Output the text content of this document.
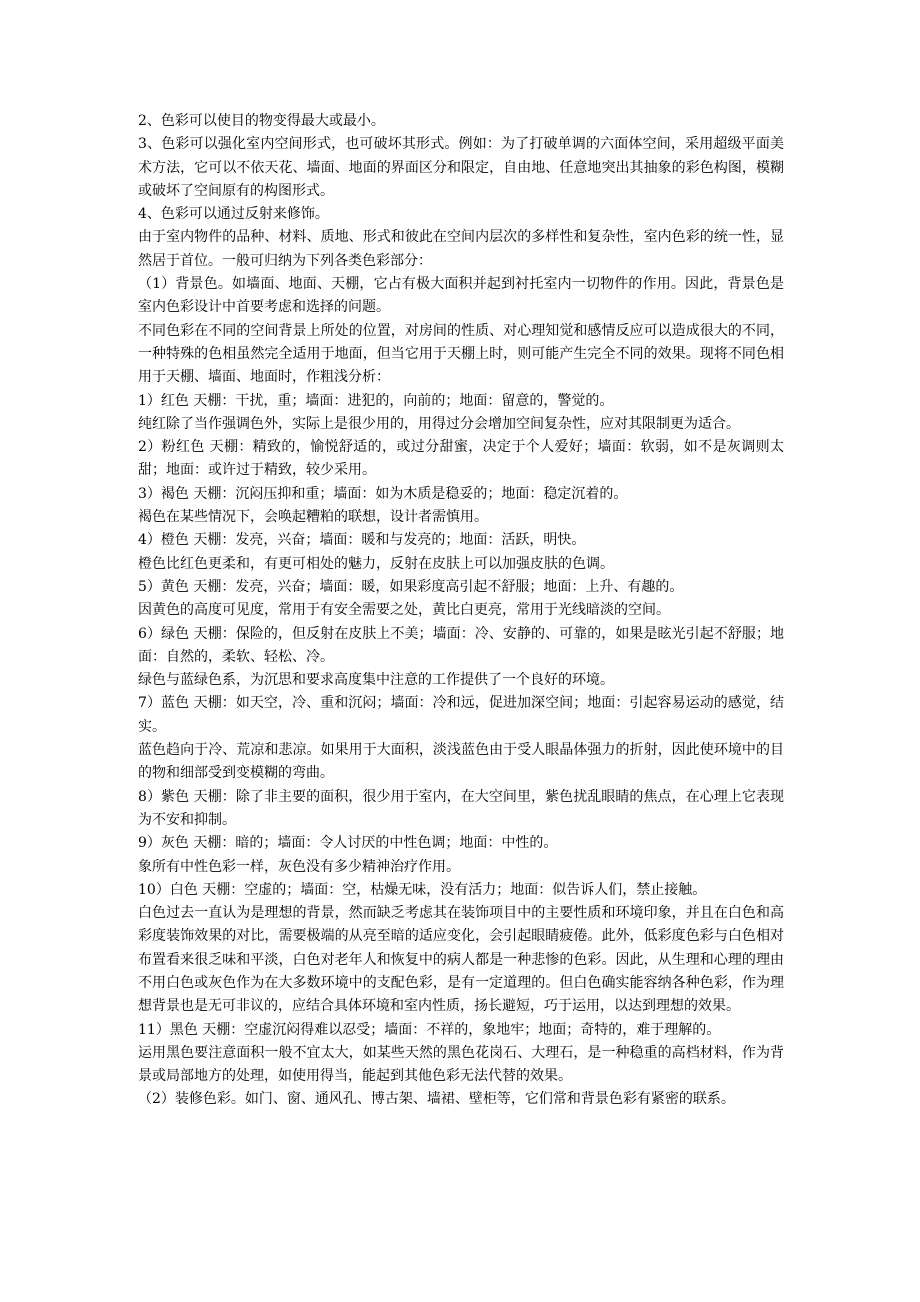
2、色彩可以使目的物变得最大或最小。

3、色彩可以强化室内空间形式，也可破坏其形式。例如：为了打破单调的六面体空间，采用超级平面美术方法，它可以不依天花、墙面、地面的界面区分和限定，自由地、任意地突出其抽象的彩色构图，模糊或破坏了空间原有的构图形式。

4、色彩可以通过反射来修饰。

由于室内物件的品种、材料、质地、形式和彼此在空间内层次的多样性和复杂性，室内色彩的统一性，显然居于首位。一般可归纳为下列各类色彩部分：

（1）背景色。如墙面、地面、天棚，它占有极大面积并起到衬托室内一切物件的作用。因此，背景色是室内色彩设计中首要考虑和选择的问题。

不同色彩在不同的空间背景上所处的位置，对房间的性质、对心理知觉和感情反应可以造成很大的不同，一种特殊的色相虽然完全适用于地面，但当它用于天棚上时，则可能产生完全不同的效果。现将不同色相用于天棚、墙面、地面时，作粗浅分析：

1）红色 天棚：干扰，重；墙面：进犯的，向前的；地面：留意的，警觉的。

纯红除了当作强调色外，实际上是很少用的，用得过分会增加空间复杂性，应对其限制更为适合。

2）粉红色 天棚：精致的，愉悦舒适的，或过分甜蜜，决定于个人爱好；墙面：软弱，如不是灰调则太甜；地面：或许过于精致，较少采用。

3）褐色 天棚：沉闷压抑和重；墙面：如为木质是稳妥的；地面：稳定沉着的。

褐色在某些情况下，会唤起糟粕的联想，设计者需慎用。

4）橙色 天棚：发亮，兴奋；墙面：暖和与发亮的；地面：活跃，明快。

橙色比红色更柔和，有更可相处的魅力，反射在皮肤上可以加强皮肤的色调。

5）黄色 天棚：发亮，兴奋；墙面：暖，如果彩度高引起不舒服；地面：上升、有趣的。

因黄色的高度可见度，常用于有安全需要之处，黄比白更亮，常用于光线暗淡的空间。

6）绿色 天棚：保险的，但反射在皮肤上不美；墙面：冷、安静的、可靠的，如果是眩光引起不舒服；地面：自然的，柔软、轻松、冷。

绿色与蓝绿色系，为沉思和要求高度集中注意的工作提供了一个良好的环境。

7）蓝色 天棚：如天空，冷、重和沉闷；墙面：冷和远，促进加深空间；地面：引起容易运动的感觉，结实。

蓝色趋向于冷、荒凉和悲凉。如果用于大面积，淡浅蓝色由于受人眼晶体强力的折射，因此使环境中的目的物和细部受到变模糊的弯曲。

8）紫色 天棚：除了非主要的面积，很少用于室内，在大空间里，紫色扰乱眼睛的焦点，在心理上它表现为不安和抑制。

9）灰色 天棚：暗的；墙面：令人讨厌的中性色调；地面：中性的。

象所有中性色彩一样，灰色没有多少精神治疗作用。

10）白色 天棚：空虚的；墙面：空，枯燥无味，没有活力；地面：似告诉人们，禁止接触。

白色过去一直认为是理想的背景，然而缺乏考虑其在装饰项目中的主要性质和环境印象，并且在白色和高彩度装饰效果的对比，需要极端的从亮至暗的适应变化，会引起眼睛疲倦。此外，低彩度色彩与白色相对布置看来很乏味和平淡，白色对老年人和恢复中的病人都是一种悲惨的色彩。因此，从生理和心理的理由不用白色或灰色作为在大多数环境中的支配色彩，是有一定道理的。但白色确实能容纳各种色彩，作为理想背景也是无可非议的，应结合具体环境和室内性质，扬长避短，巧于运用，以达到理想的效果。

11）黑色 天棚：空虚沉闷得难以忍受；墙面：不祥的，象地牢；地面；奇特的，难于理解的。

运用黑色要注意面积一般不宜太大，如某些天然的黑色花岗石、大理石，是一种稳重的高档材料，作为背景或局部地方的处理，如使用得当，能起到其他色彩无法代替的效果。

（2）装修色彩。如门、窗、通风孔、博古架、墙裙、壁柜等，它们常和背景色彩有紧密的联系。
